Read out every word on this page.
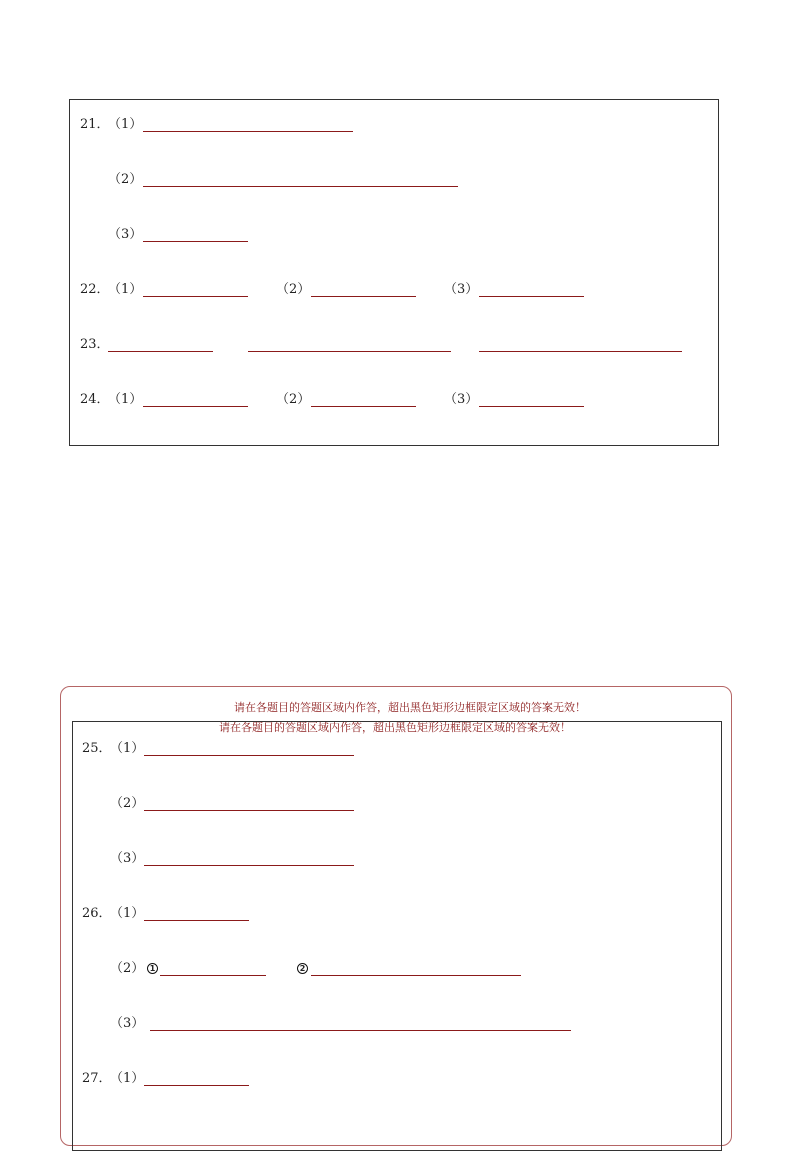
21．
（1）
（2）
（3）
22．
（1）	（2）	（3）
23．
24．
（1）	（2）	（3）
请在各题目的答题区域内作答，超出黑色矩形边框限定区域的答案无效！
请在各题目的答题区域内作答，超出黑色矩形边框限定区域的答案无效！
25．
（1）
（2）
（3）
26．
（1）
（2） 1	2
（3）
27．
（1）
